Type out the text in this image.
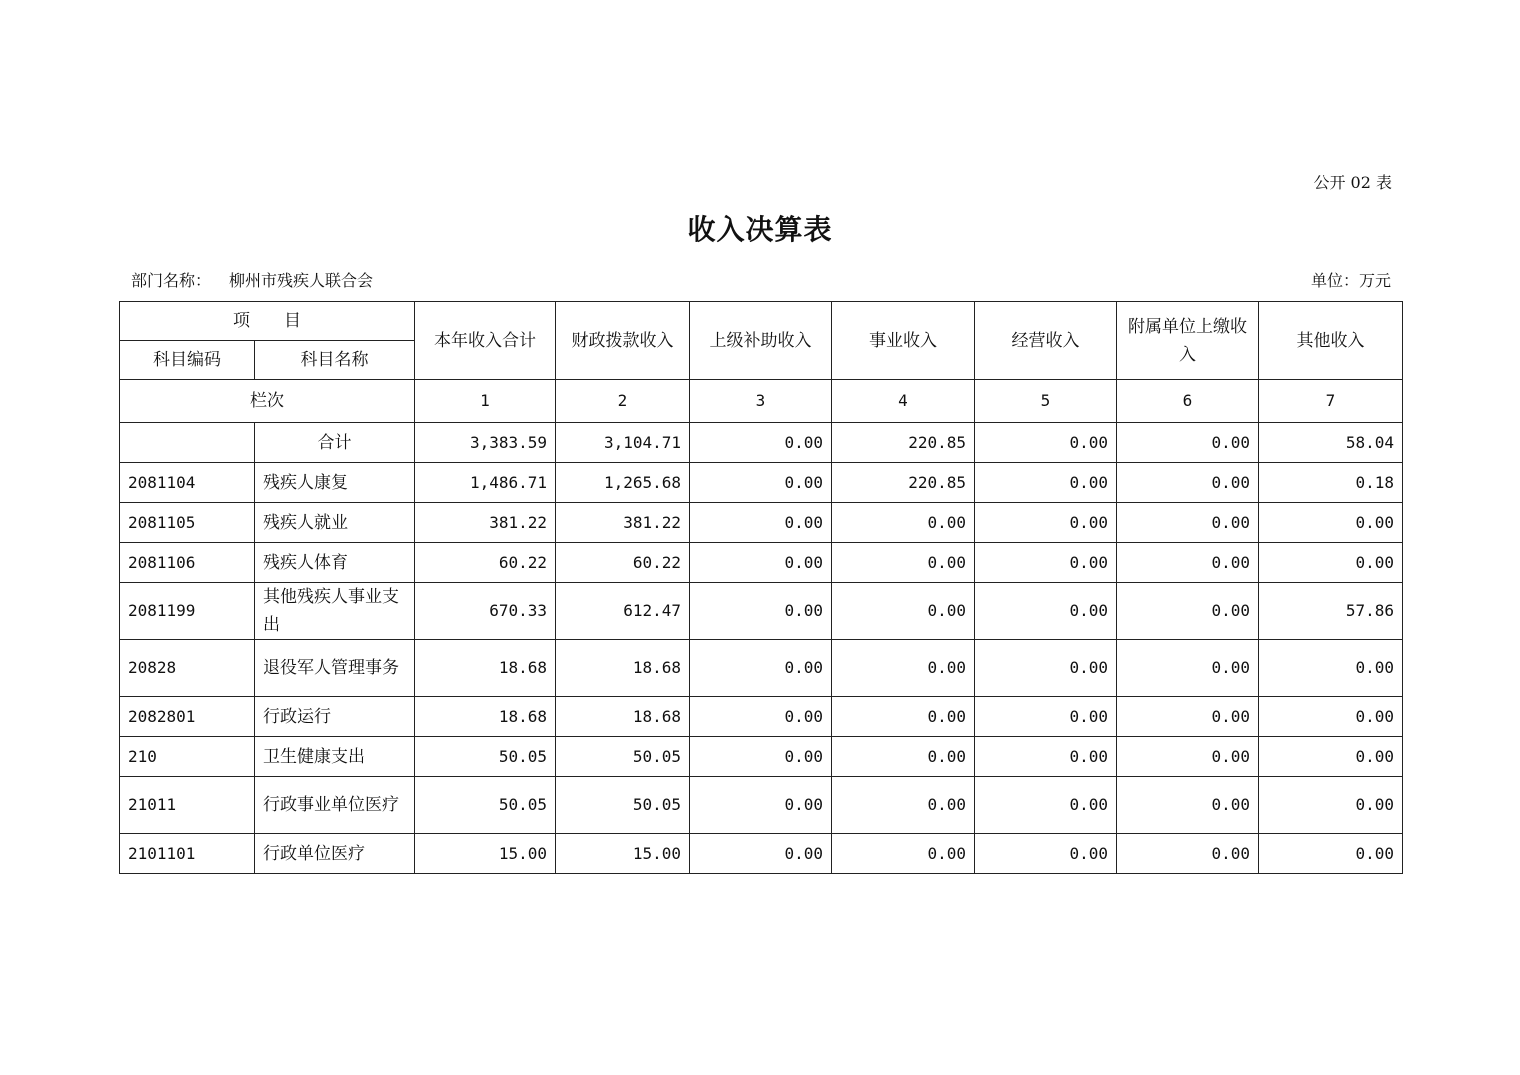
公开 02 表
收入决算表
部门名称： 柳州市残疾人联合会	单位：万元
项　　目		本年收入合计	财政拨款收入	上级补助收入	事业收入	经营收入	附属单位上缴收入	其他收入
科目编码	科目名称							
栏次		1	2	3	4	5	6	7
	合计	3,383.59	3,104.71	0.00	220.85	0.00	0.00	58.04
2081104	残疾人康复	1,486.71	1,265.68	0.00	220.85	0.00	0.00	0.18
2081105	残疾人就业	381.22	381.22	0.00	0.00	0.00	0.00	0.00
2081106	残疾人体育	60.22	60.22	0.00	0.00	0.00	0.00	0.00
2081199	其他残疾人事业支出	670.33	612.47	0.00	0.00	0.00	0.00	57.86
20828	退役军人管理事务	18.68	18.68	0.00	0.00	0.00	0.00	0.00
2082801	行政运行	18.68	18.68	0.00	0.00	0.00	0.00	0.00
210	卫生健康支出	50.05	50.05	0.00	0.00	0.00	0.00	0.00
21011	行政事业单位医疗	50.05	50.05	0.00	0.00	0.00	0.00	0.00
2101101	行政单位医疗	15.00	15.00	0.00	0.00	0.00	0.00	0.00
